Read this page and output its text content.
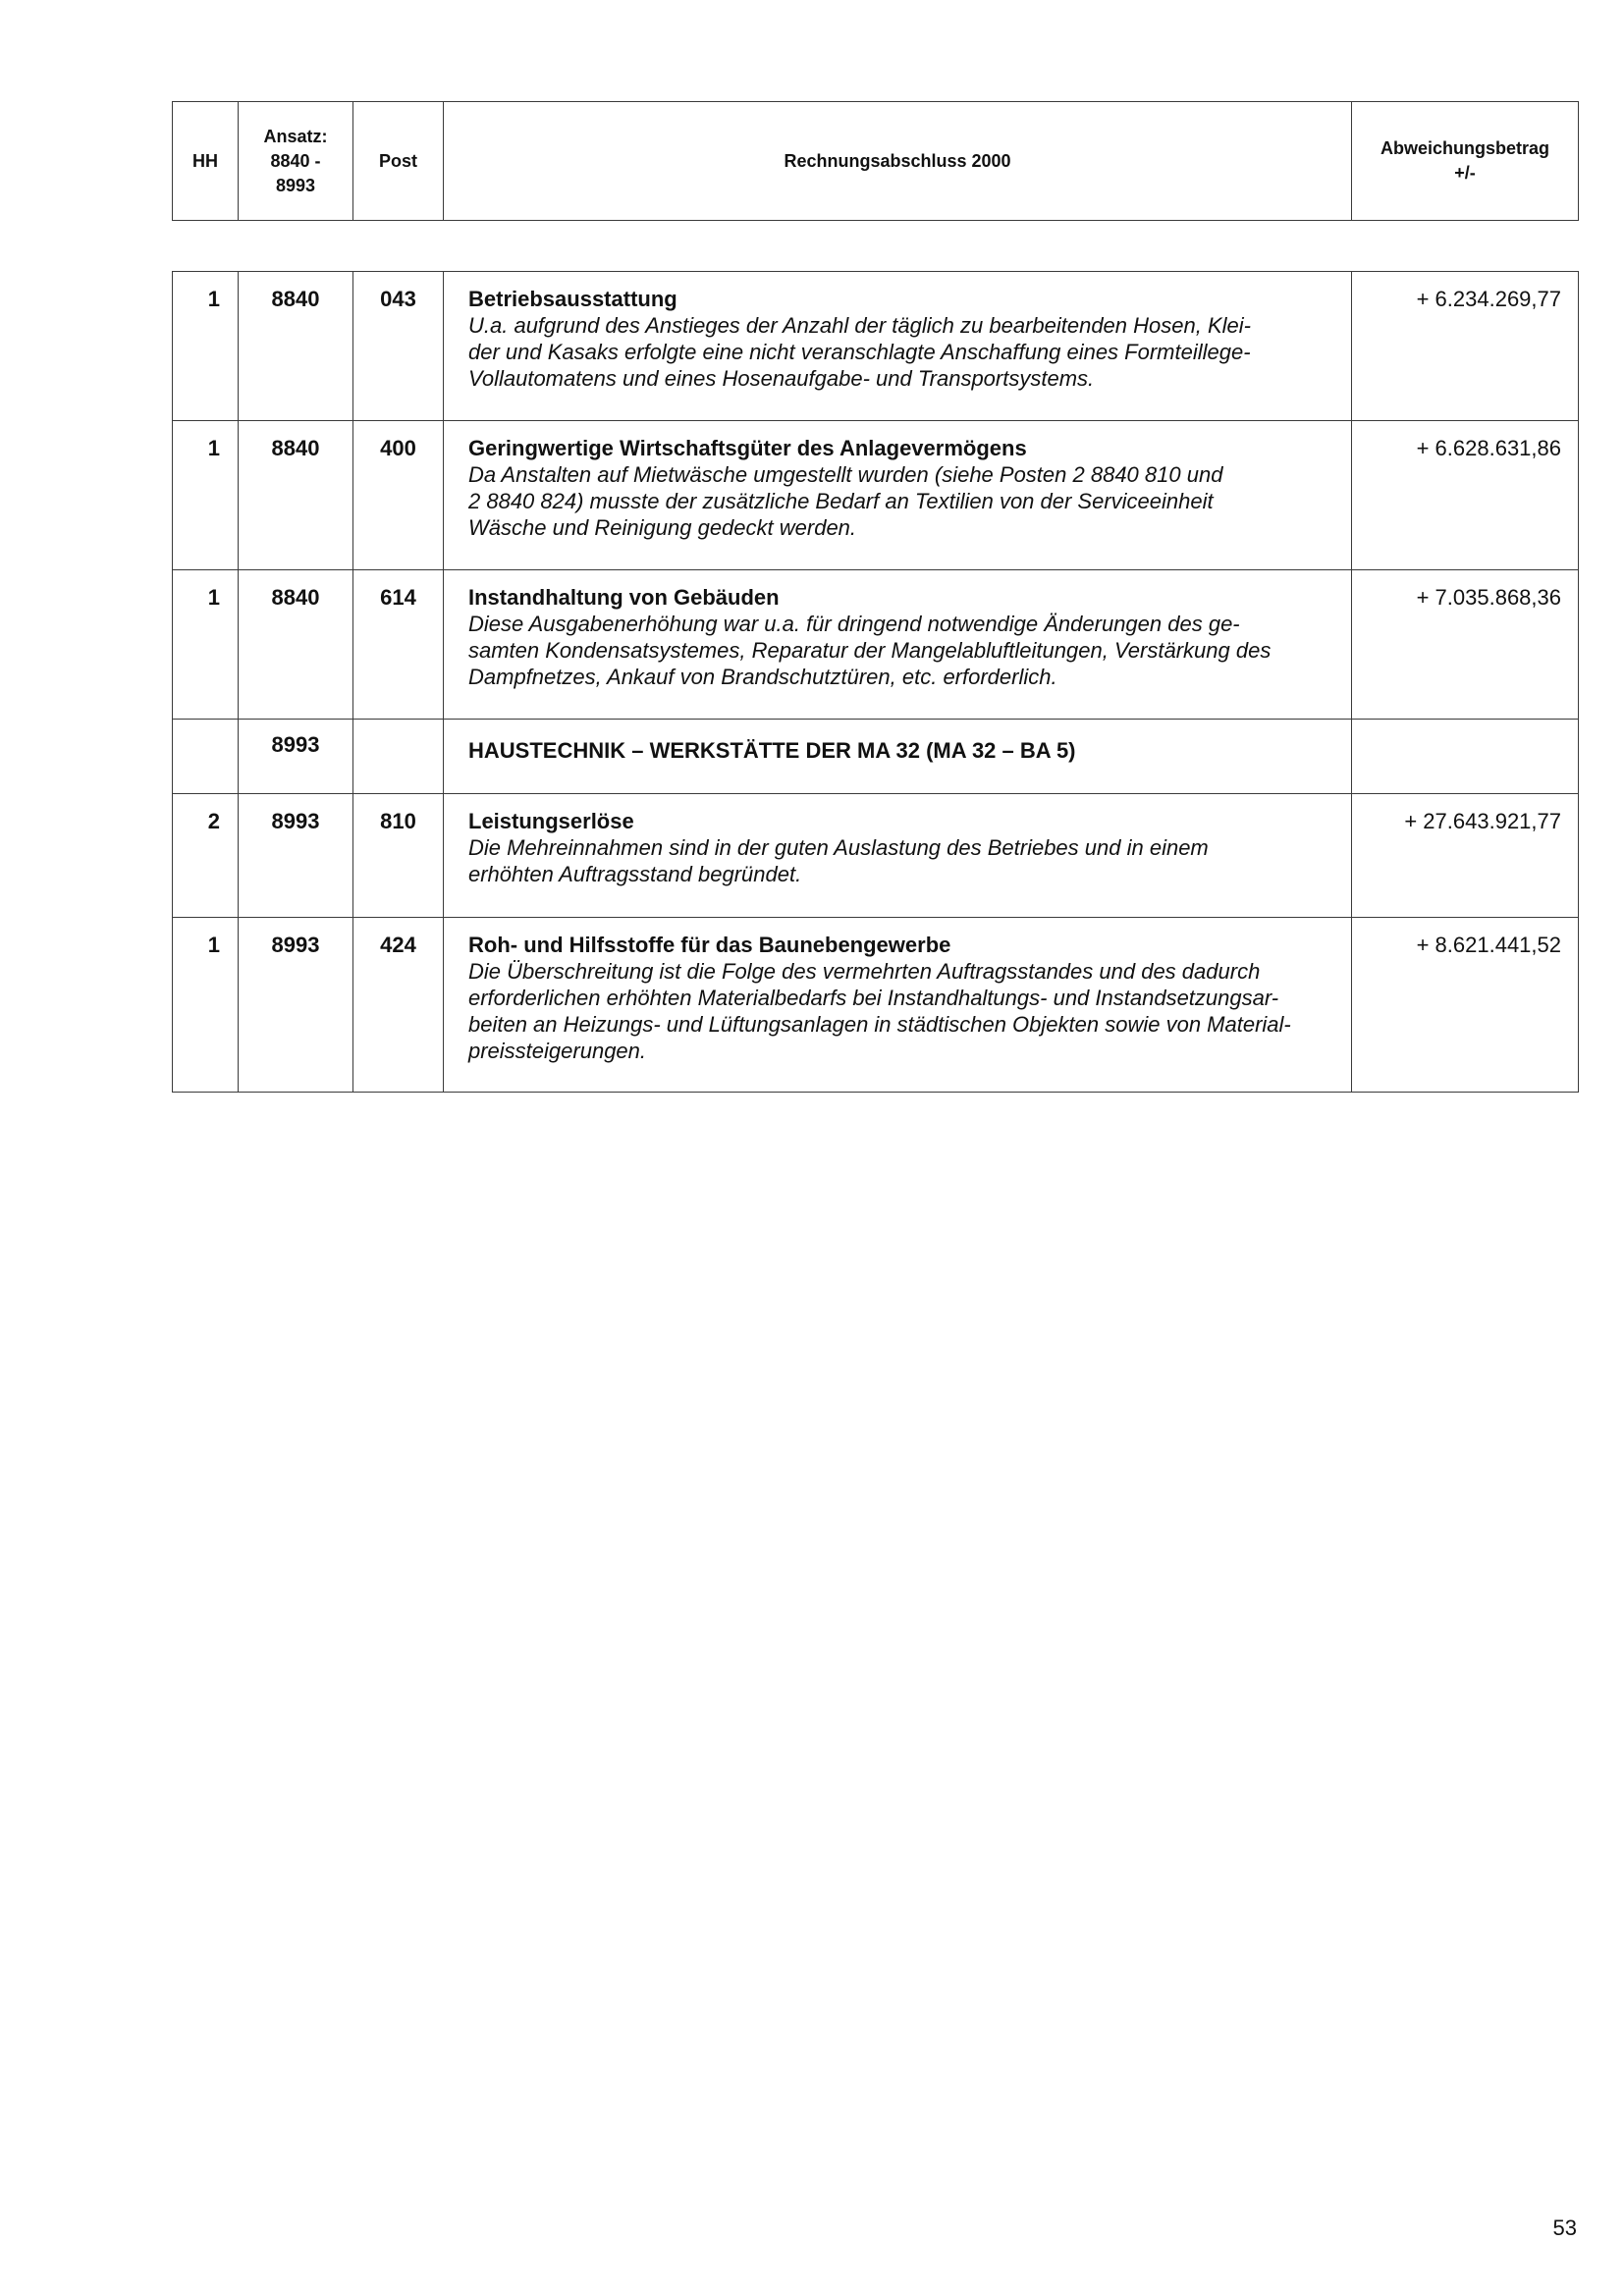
HH	Ansatz:
8840 -
8993	Post	Rechnungsabschluss 2000	Abweichungsbetrag
+/-
1	8840	043	Betriebsausstattung
U.a. aufgrund des Anstieges der Anzahl der täglich zu bearbeitenden Hosen, Klei-
der und Kasaks erfolgte eine nicht veranschlagte Anschaffung eines Formteillege-
Vollautomatens und eines Hosenaufgabe- und Transportsystems.	+ 6.234.269,77
1	8840	400	Geringwertige Wirtschaftsgüter des Anlagevermögens
Da Anstalten auf Mietwäsche umgestellt wurden (siehe Posten 2 8840 810 und
2 8840 824) musste der zusätzliche Bedarf an Textilien von der Serviceeinheit
Wäsche und Reinigung gedeckt werden.	+ 6.628.631,86
1	8840	614	Instandhaltung von Gebäuden
Diese Ausgabenerhöhung war u.a. für dringend notwendige Änderungen des ge-
samten Kondensatsystemes, Reparatur der Mangelabluftleitungen, Verstärkung des
Dampfnetzes, Ankauf von Brandschutztüren, etc. erforderlich.	+ 7.035.868,36
	8993		HAUSTECHNIK – WERKSTÄTTE DER MA 32 (MA 32 – BA 5)	

2	8993	810	Leistungserlöse
Die Mehreinnahmen sind in der guten Auslastung des Betriebes und in einem
erhöhten Auftragsstand begründet.	+ 27.643.921,77
1	8993	424	Roh- und Hilfsstoffe für das Baunebengewerbe
Die Überschreitung ist die Folge des vermehrten Auftragsstandes und des dadurch
erforderlichen erhöhten Materialbedarfs bei Instandhaltungs- und Instandsetzungsar-
beiten an Heizungs- und Lüftungsanlagen in städtischen Objekten sowie von Material-
preissteigerungen.	+ 8.621.441,52
53
